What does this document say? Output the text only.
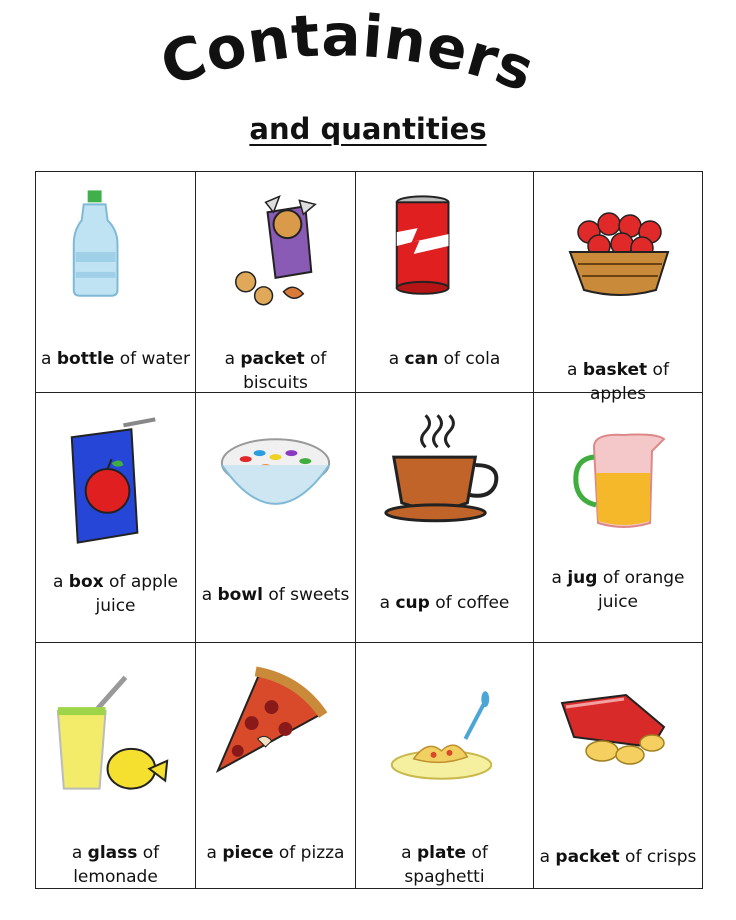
Containers
and quantities
a bottle of water	a packet of biscuits
a can of cola
a basket of apples
a box of apple juice
a bowl of sweets	a cup of coffee
a jug of orange juice
a glass of lemonade
a piece of pizza	a plate of spaghetti
a packet of crisps
